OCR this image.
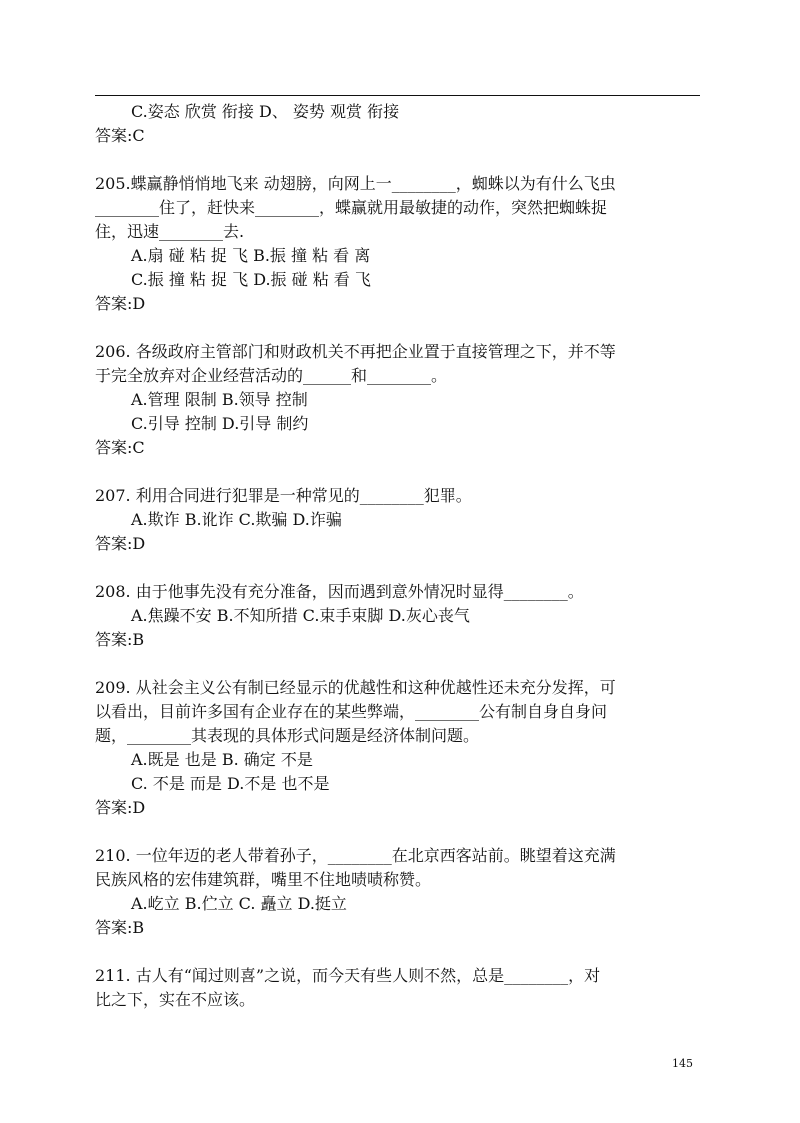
C.姿态 欣赏 衔接 D、 姿势 观赏 衔接
答案:C
205.蝶赢静悄悄地飞来 动翅膀，向网上一________，蜘蛛以为有什么飞虫
________住了，赶快来________，蝶赢就用最敏捷的动作，突然把蜘蛛捉
住，迅速________去.
A.扇 碰 粘 捉 飞 B.振 撞 粘 看 离
C.振 撞 粘 捉 飞 D.振 碰 粘 看 飞
答案:D
206. 各级政府主管部门和财政机关不再把企业置于直接管理之下，并不等
于完全放弃对企业经营活动的______和________。
A.管理 限制 B.领导 控制
C.引导 控制 D.引导 制约
答案:C
207. 利用合同进行犯罪是一种常见的________犯罪。
A.欺诈 B.讹诈 C.欺骗 D.诈骗
答案:D
208. 由于他事先没有充分准备，因而遇到意外情况时显得________。
A.焦躁不安 B.不知所措 C.束手束脚 D.灰心丧气
答案:B
209. 从社会主义公有制已经显示的优越性和这种优越性还未充分发挥，可
以看出，目前许多国有企业存在的某些弊端，________公有制自身自身问
题，________其表现的具体形式问题是经济体制问题。
A.既是 也是 B. 确定 不是
C. 不是 而是 D.不是 也不是
答案:D
210. 一位年迈的老人带着孙子，________在北京西客站前。眺望着这充满
民族风格的宏伟建筑群，嘴里不住地啧啧称赞。
A.屹立 B.伫立 C. 矗立 D.挺立
答案:B
211. 古人有“闻过则喜”之说，而今天有些人则不然，总是________，对
比之下，实在不应该。
145
